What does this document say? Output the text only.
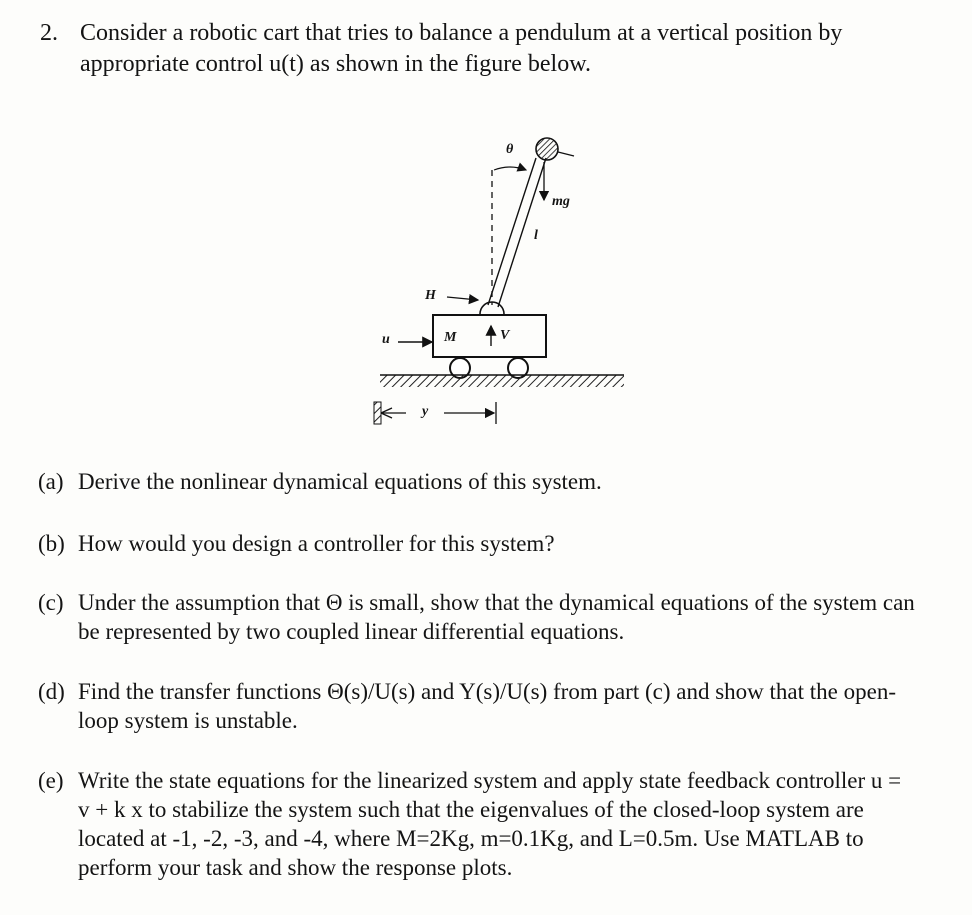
2. Consider a robotic cart that tries to balance a pendulum at a vertical position by appropriate control u(t) as shown in the figure below.
θ
mg
l
H
u	M	V
y
(a) Derive the nonlinear dynamical equations of this system.
(b) How would you design a controller for this system?
(c) Under the assumption that Θ is small, show that the dynamical equations of the system can be represented by two coupled linear differential equations.
(d) Find the transfer functions Θ(s)/U(s) and Y(s)/U(s) from part (c) and show that the open-loop system is unstable.
(e) Write the state equations for the linearized system and apply state feedback controller u = v + k x to stabilize the system such that the eigenvalues of the closed-loop system are located at -1, -2, -3, and -4, where M=2Kg, m=0.1Kg, and L=0.5m. Use MATLAB to perform your task and show the response plots.
